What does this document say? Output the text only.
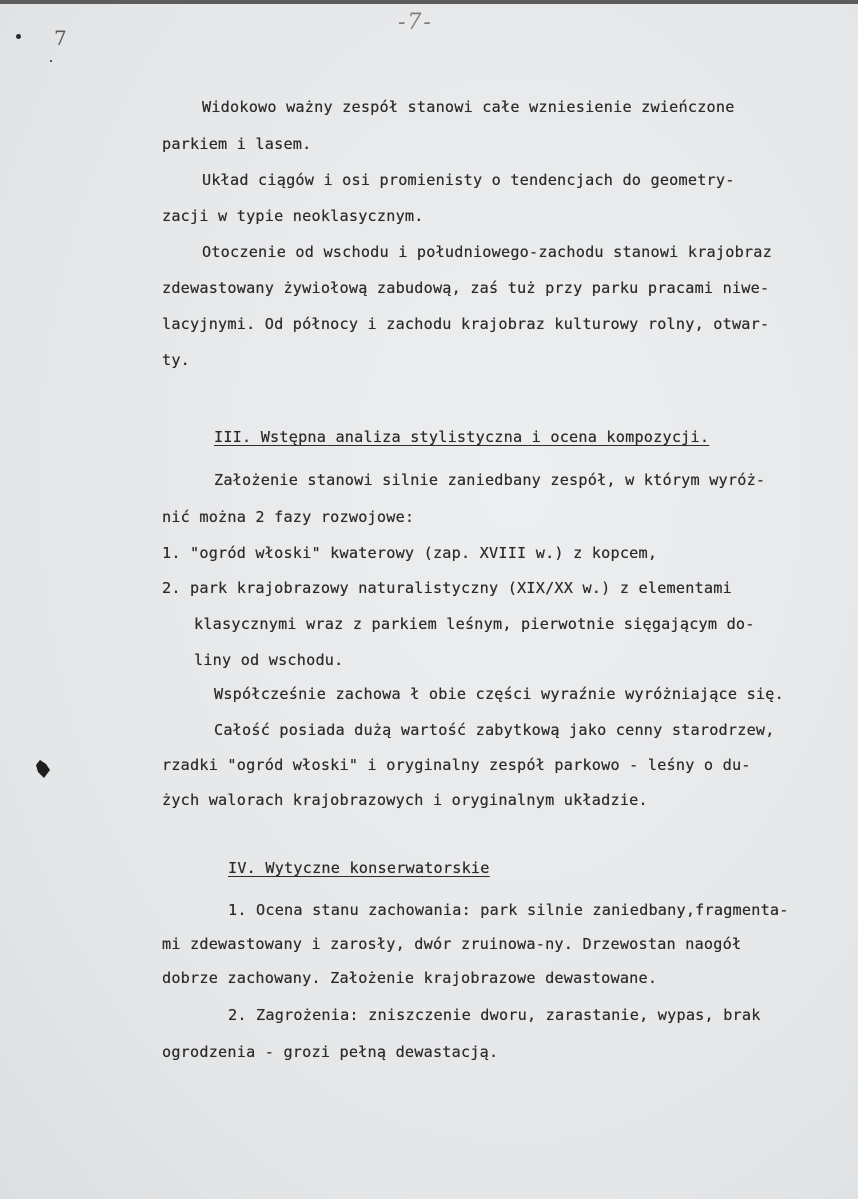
7
-7-
Widokowo ważny zespół stanowi całe wzniesienie zwieńczone
parkiem i lasem.
Układ ciągów i osi promienisty o tendencjach do geometry-
zacji w typie neoklasycznym.
Otoczenie od wschodu i południowego-zachodu stanowi krajobraz
zdewastowany żywiołową zabudową, zaś tuż przy parku pracami niwe-
lacyjnymi. Od północy i zachodu krajobraz kulturowy rolny, otwar-
ty.
III. Wstępna analiza stylistyczna i ocena kompozycji.
Założenie stanowi silnie zaniedbany zespół, w którym wyróż-
nić można 2 fazy rozwojowe:
1. "ogród włoski" kwaterowy (zap. XVIII w.) z kopcem,
2. park krajobrazowy naturalistyczny (XIX/XX w.) z elementami
klasycznymi wraz z parkiem leśnym, pierwotnie sięgającym do-
liny od wschodu.
Współcześnie zachowa ł obie części wyraźnie wyróżniające się.
Całość posiada dużą wartość zabytkową jako cenny starodrzew,
rzadki "ogród włoski" i oryginalny zespół parkowo - leśny o du-
żych walorach krajobrazowych i oryginalnym układzie.
IV. Wytyczne konserwatorskie
1. Ocena stanu zachowania: park silnie zaniedbany,fragmenta-
mi zdewastowany i zarosły, dwór zruinowa-ny. Drzewostan naogół
dobrze zachowany. Założenie krajobrazowe dewastowane.
2. Zagrożenia: zniszczenie dworu, zarastanie, wypas, brak
ogrodzenia - grozi pełną dewastacją.
